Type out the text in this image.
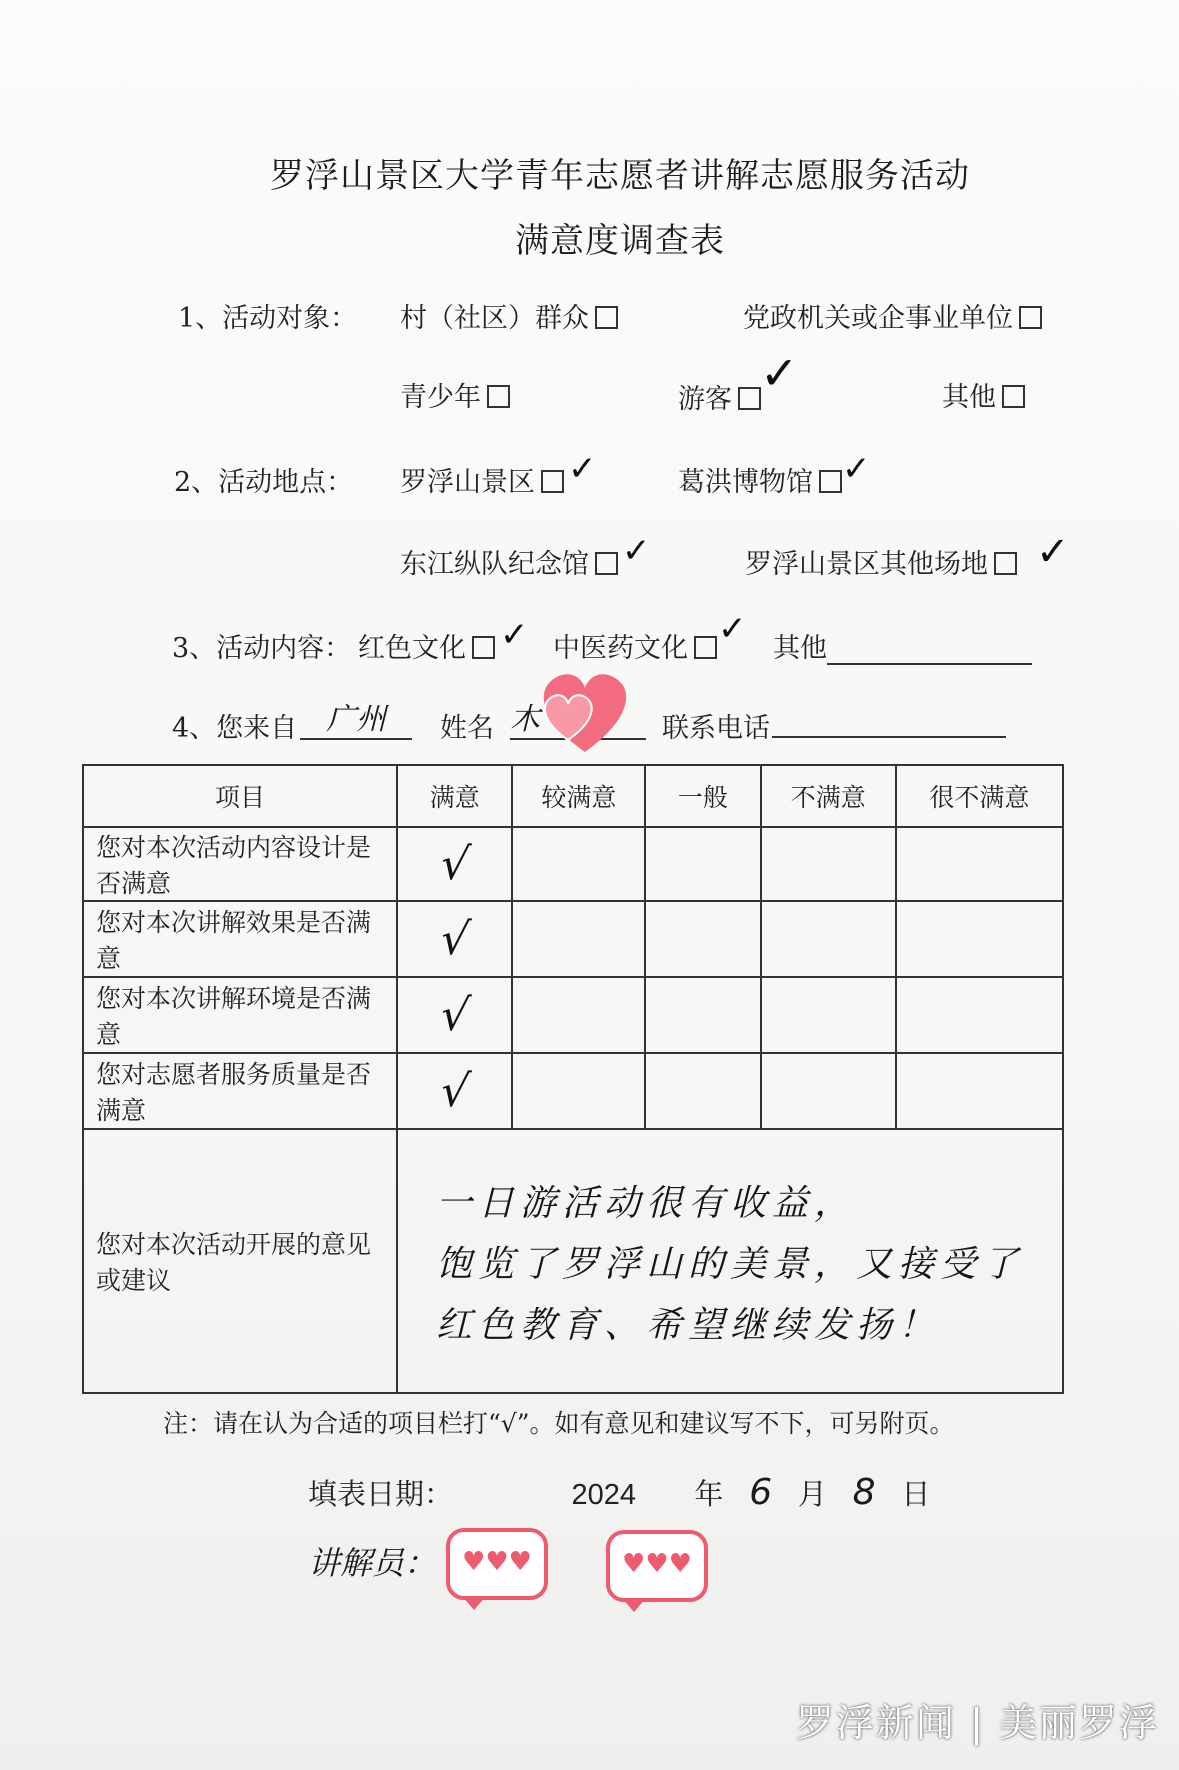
罗浮山景区大学青年志愿者讲解志愿服务活动
满意度调查表
1、活动对象： 村（社区）群众	党政机关或企事业单位
青少年	游客 ✓	其他
2、活动地点： 罗浮山景区 ✓	葛洪博物馆 ✓
东江纵队纪念馆 ✓	罗浮山景区其他场地	✓
3、活动内容： 红色文化	✓ 中医药文化 ✓ 其他
4、您来自 广州	姓名 木	联系电话
项目	满意	较满意	一般	不满意	很不满意
您对本次活动内容设计是否满意	√				
您对本次讲解效果是否满意	√				
您对本次讲解环境是否满意	√				
您对志愿者服务质量是否满意	√				
您对本次活动开展的意见或建议	一日游活动很有收益，
饱览了罗浮山的美景，又接受了
红色教育、希望继续发扬！				
注：请在认为合适的项目栏打“√”。如有意见和建议写不下，可另附页。
填表日期：	2024 年 6 月 8 日
讲解员：	♥♥♥	♥♥♥
罗浮新闻 | 美丽罗浮
